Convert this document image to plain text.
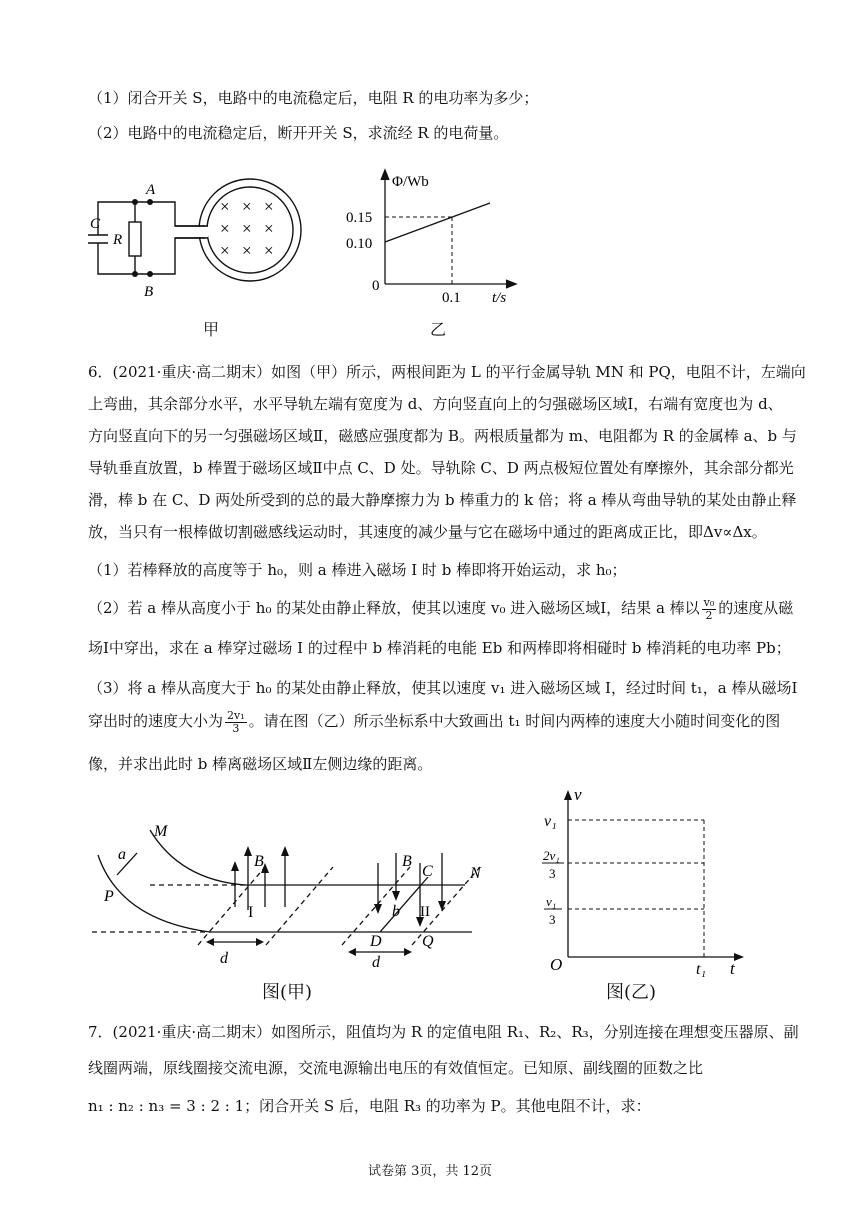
（1）闭合开关 S，电路中的电流稳定后，电阻 R 的电功率为多少；
（2）电路中的电流稳定后，断开开关 S，求流经 R 的电荷量。
A
B
C
R
× × ×
× × ×
× × ×
甲
Φ/Wb
t/s
0.15
0.10
0
0.1
乙
6．(2021·重庆·高二期末）如图（甲）所示，两根间距为 L 的平行金属导轨 MN 和 PQ，电阻不计，左端向
上弯曲，其余部分水平，水平导轨左端有宽度为 d、方向竖直向上的匀强磁场区域Ⅰ，右端有宽度也为 d、
方向竖直向下的另一匀强磁场区域Ⅱ，磁感应强度都为 B。两根质量都为 m、电阻都为 R 的金属棒 a、b 与
导轨垂直放置，b 棒置于磁场区域Ⅱ中点 C、D 处。导轨除 C、D 两点极短位置处有摩擦外，其余部分都光
滑，棒 b 在 C、D 两处所受到的总的最大静摩擦力为 b 棒重力的 k 倍；将 a 棒从弯曲导轨的某处由静止释
放，当只有一根棒做切割磁感线运动时，其速度的减少量与它在磁场中通过的距离成正比，即Δv∝Δx。
（1）若棒释放的高度等于 h₀，则 a 棒进入磁场 I 时 b 棒即将开始运动，求 h₀；
（2）若 a 棒从高度小于 h₀ 的某处由静止释放，使其以速度 v₀ 进入磁场区域Ⅰ，结果 a 棒以 $\frac{\text{v₀}}{2}$ 的速度从磁
场Ⅰ中穿出，求在 a 棒穿过磁场 I 的过程中 b 棒消耗的电能 Eb 和两棒即将相碰时 b 棒消耗的电功率 Pb；
（3）将 a 棒从高度大于 h₀ 的某处由静止释放，使其以速度 v₁ 进入磁场区域 I，经过时间 t₁，a 棒从磁场Ⅰ
穿出时的速度大小为 $\frac{\text{2v₁}}{3}$ 。请在图（乙）所示坐标系中大致画出 t₁ 时间内两棒的速度大小随时间变化的图
像，并求出此时 b 棒离磁场区域Ⅱ左侧边缘的距离。
M
a
P
B
I
d
B
C N
b II
D	Q
d
图(甲)
v
v₁
2v₁
3
v₁
3
O	t₁ t
图(乙)
7．(2021·重庆·高二期末）如图所示，阻值均为 R 的定值电阻 R₁、R₂、R₃，分别连接在理想变压器原、副
线圈两端，原线圈接交流电源，交流电源输出电压的有效值恒定。已知原、副线圈的匝数之比
n₁ : n₂ : n₃ = 3 : 2 : 1；闭合开关 S 后，电阻 R₃ 的功率为 P。其他电阻不计，求：
试卷第 3页，共 12页
